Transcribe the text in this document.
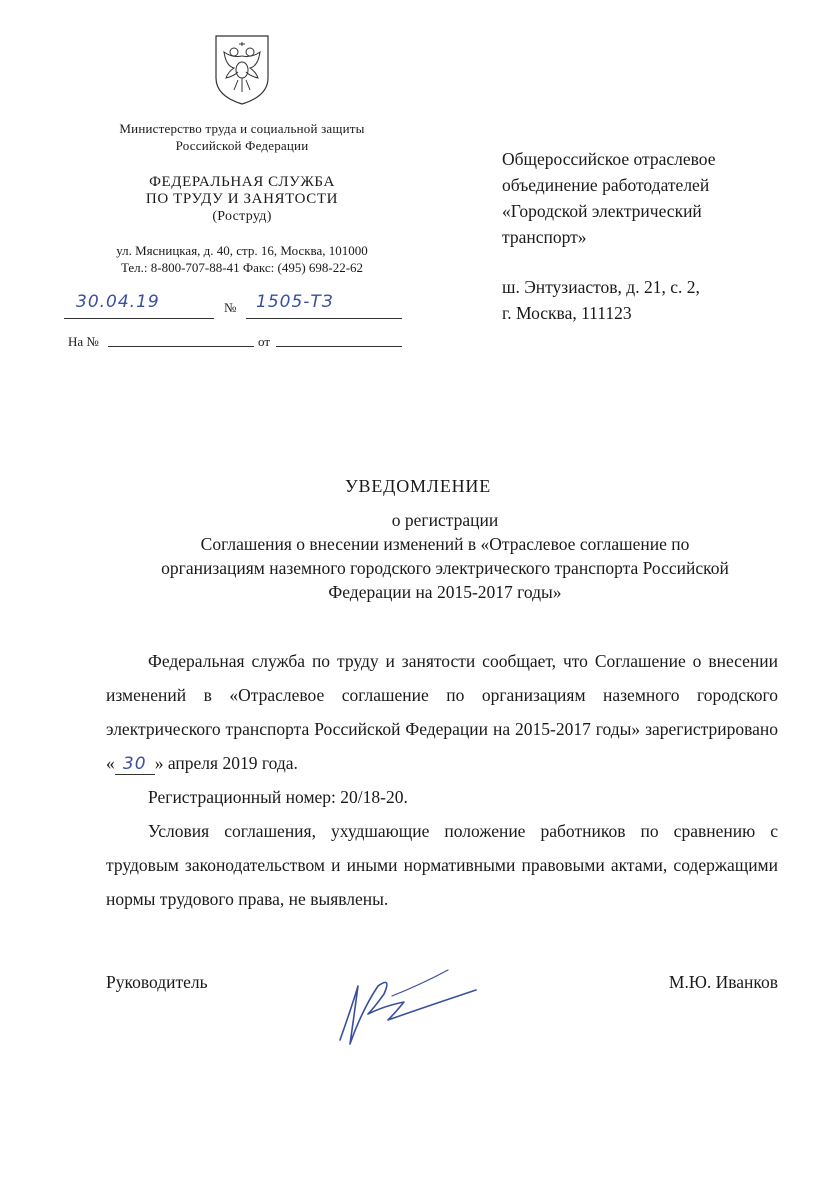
Министерство труда и социальной защиты
Российской Федерации
ФЕДЕРАЛЬНАЯ СЛУЖБА
ПО ТРУДУ И ЗАНЯТОСТИ
(Роструд)
ул. Мясницкая, д. 40, стр. 16, Москва, 101000
Тел.: 8-800-707-88-41 Факс: (495) 698-22-62
30.04.19	№ 1505-ТЗ
На №	от
Общероссийское отраслевое
объединение работодателей
«Городской электрический
транспорт»
ш. Энтузиастов, д. 21, с. 2,
г. Москва, 111123
УВЕДОМЛЕНИЕ
о регистрации
Соглашения о внесении изменений в «Отраслевое соглашение по
организациям наземного городского электрического транспорта Российской
Федерации на 2015-2017 годы»

Федеральная служба по труду и занятости сообщает, что Соглашение о внесении изменений в «Отраслевое соглашение по организациям наземного городского электрического транспорта Российской Федерации на 2015-2017 годы» зарегистрировано « 30 » апреля 2019 года.

Регистрационный номер: 20/18-20.

Условия соглашения, ухудшающие положение работников по сравнению с трудовым законодательством и иными нормативными правовыми актами, содержащими нормы трудового права, не выявлены.

Руководитель	М.Ю. Иванков
